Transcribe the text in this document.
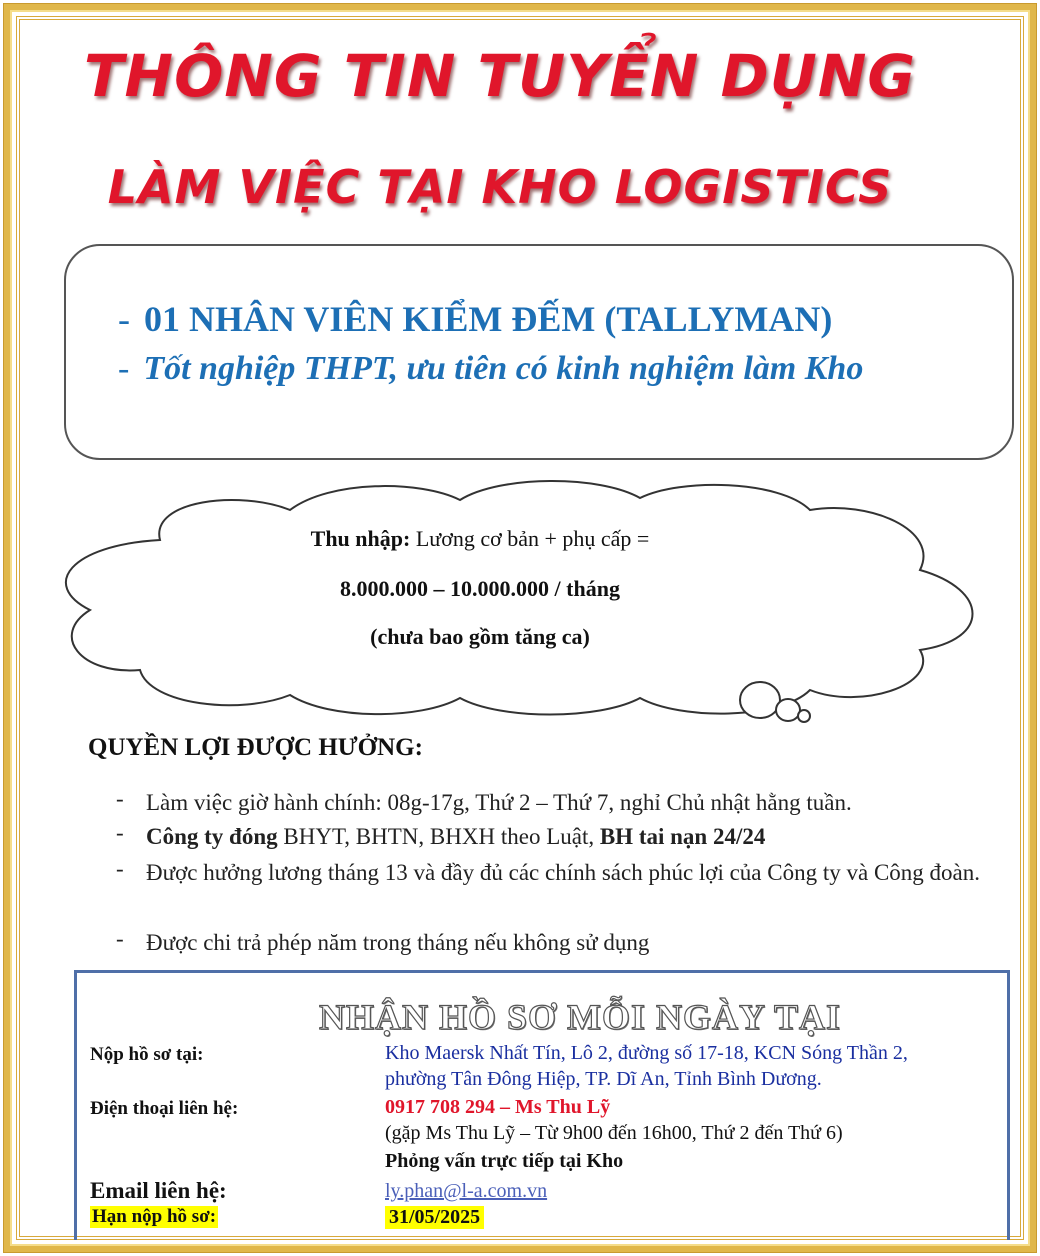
THÔNG TIN TUYỂN DỤNG
LÀM VIỆC TẠI KHO LOGISTICS
- 01 NHÂN VIÊN KIỂM ĐẾM (TALLYMAN)
- Tốt nghiệp THPT, ưu tiên có kinh nghiệm làm Kho
Thu nhập: Lương cơ bản + phụ cấp =
8.000.000 – 10.000.000 / tháng
(chưa bao gồm tăng ca)
QUYỀN LỢI ĐƯỢC HƯỞNG:
- Làm việc giờ hành chính: 08g-17g, Thứ 2 – Thứ 7, nghỉ Chủ nhật hằng tuần.
- Công ty đóng BHYT, BHTN, BHXH theo Luật, BH tai nạn 24/24
- Được hưởng lương tháng 13 và đầy đủ các chính sách phúc lợi của Công ty và Công đoàn.
- Được chi trả phép năm trong tháng nếu không sử dụng
NHẬN HỒ SƠ MỖI NGÀY TẠI
Nộp hồ sơ tại:	Kho Maersk Nhất Tín, Lô 2, đường số 17-18, KCN Sóng Thần 2,
phường Tân Đông Hiệp, TP. Dĩ An, Tỉnh Bình Dương.
Điện thoại liên hệ:	0917 708 294 – Ms Thu Lỹ
(gặp Ms Thu Lỹ – Từ 9h00 đến 16h00, Thứ 2 đến Thứ 6)
Phỏng vấn trực tiếp tại Kho
Email liên hệ:	ly.phan@l-a.com.vn
Hạn nộp hồ sơ:	31/05/2025
